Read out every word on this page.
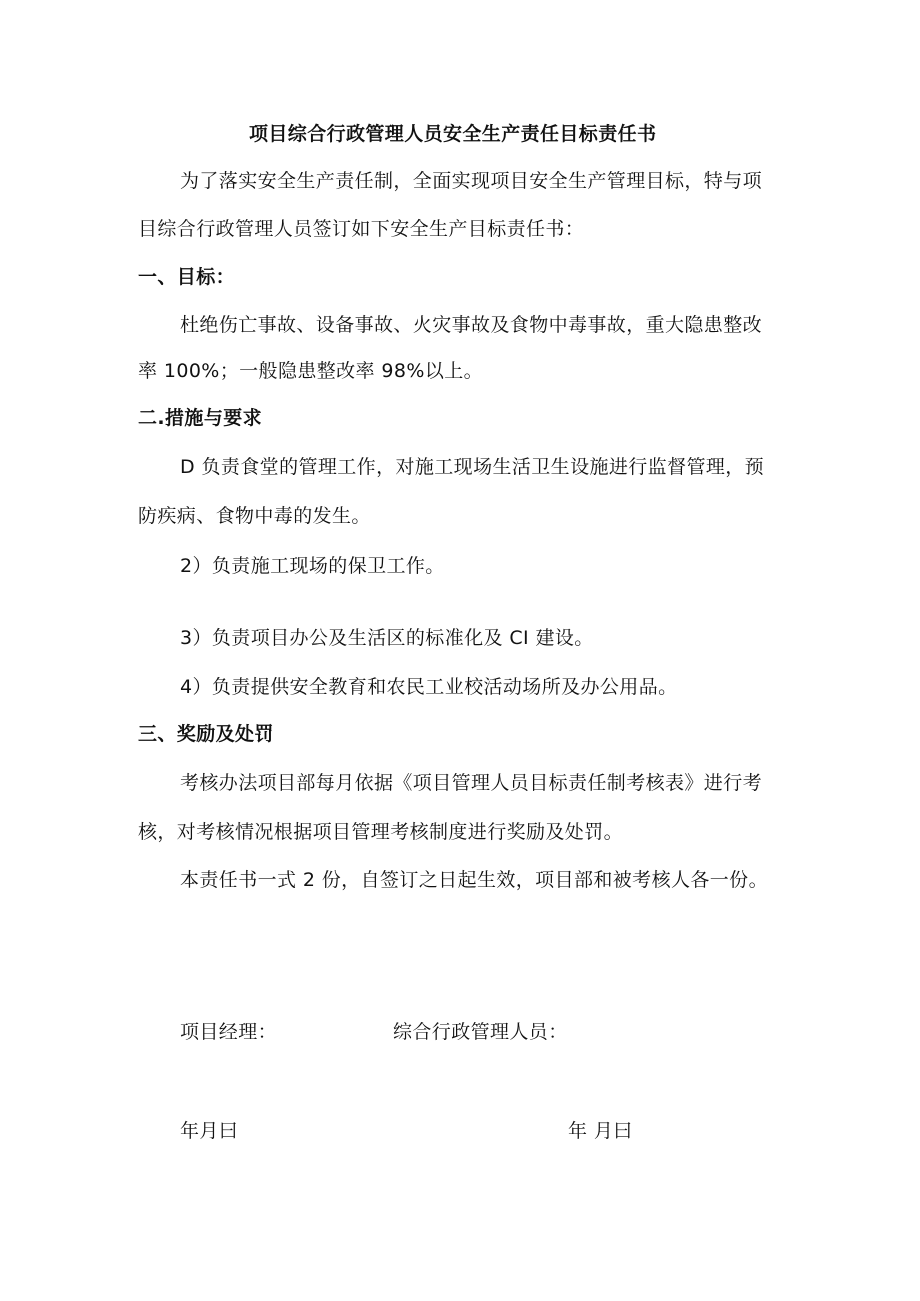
项目综合行政管理人员安全生产责任目标责任书
为了落实安全生产责任制，全面实现项目安全生产管理目标，特与项
目综合行政管理人员签订如下安全生产目标责任书：
一、目标：
杜绝伤亡事故、设备事故、火灾事故及食物中毒事故，重大隐患整改
率 100%；一般隐患整改率 98%以上。
二.措施与要求
D 负责食堂的管理工作，对施工现场生活卫生设施进行监督管理，预
防疾病、食物中毒的发生。
2）负责施工现场的保卫工作。
3）负责项目办公及生活区的标准化及 CI 建设。
4）负责提供安全教育和农民工业校活动场所及办公用品。
三、奖励及处罚
考核办法项目部每月依据《项目管理人员目标责任制考核表》进行考
核，对考核情况根据项目管理考核制度进行奖励及处罚。
本责任书一式 2 份，自签订之日起生效，项目部和被考核人各一份。
项目经理：	综合行政管理人员：
年月曰	年 月曰
